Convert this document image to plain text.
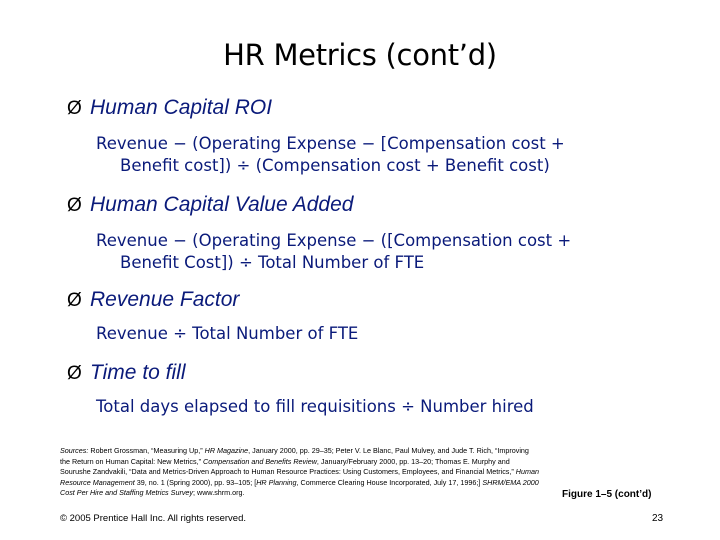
HR Metrics (cont’d)
Ø Human Capital ROI
Revenue − (Operating Expense − [Compensation cost +
Benefit cost]) ÷ (Compensation cost + Benefit cost)
Ø Human Capital Value Added
Revenue − (Operating Expense − ([Compensation cost +
Benefit Cost]) ÷ Total Number of FTE
Ø Revenue Factor
Revenue ÷ Total Number of FTE
Ø Time to fill
Total days elapsed to fill requisitions ÷ Number hired
Sources: Robert Grossman, “Measuring Up,” HR Magazine, January 2000, pp. 29–35; Peter V. Le Blanc, Paul Mulvey, and Jude T. Rich, “Improving the Return on Human Capital: New Metrics,” Compensation and Benefits Review, January/February 2000, pp. 13–20; Thomas E. Murphy and Sourushe Zandvakili, “Data and Metrics-Driven Approach to Human Resource Practices: Using Customers, Employees, and Financial Metrics,” Human Resource Management 39, no. 1 (Spring 2000), pp. 93–105; [HR Planning, Commerce Clearing House Incorporated, July 17, 1996;] SHRM/EMA 2000 Cost Per Hire and Staffing Metrics Survey; www.shrm.org.	Figure 1–5 (cont’d)
© 2005 Prentice Hall Inc. All rights reserved.	23
